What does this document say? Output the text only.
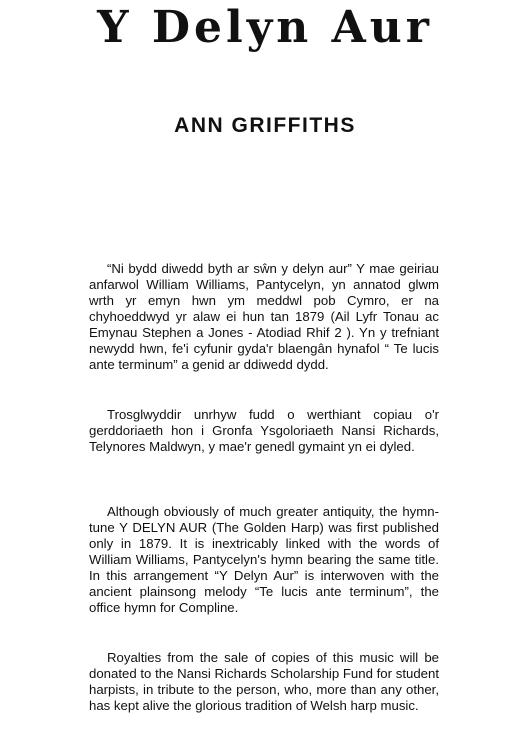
Y Delyn Aur
ANN GRIFFITHS

“Ni bydd diwedd byth ar sŵn y delyn aur” Y mae geiriau anfarwol William Williams, Pantycelyn, yn annatod glwm wrth yr emyn hwn ym meddwl pob Cymro, er na chyhoeddwyd yr alaw ei hun tan 1879 (Ail Lyfr Tonau ac Emynau Stephen a Jones - Atodiad Rhif 2 ). Yn y trefniant newydd hwn, fe'i cyfunir gyda'r blaengân hynafol “ Te lucis ante terminum” a genid ar ddiwedd dydd.

Trosglwyddir unrhyw fudd o werthiant copiau o'r gerddoriaeth hon i Gronfa Ysgoloriaeth Nansi Richards, Telynores Maldwyn, y mae'r genedl gymaint yn ei dyled.

Although obviously of much greater antiquity, the hymn-tune Y DELYN AUR (The Golden Harp) was first published only in 1879. It is inextricably linked with the words of William Williams, Pantycelyn's hymn bearing the same title. In this arrangement “Y Delyn Aur” is interwoven with the ancient plainsong melody “Te lucis ante terminum”, the office hymn for Compline.

Royalties from the sale of copies of this music will be donated to the Nansi Richards Scholarship Fund for student harpists, in tribute to the person, who, more than any other, has kept alive the glorious tradition of Welsh harp music.
